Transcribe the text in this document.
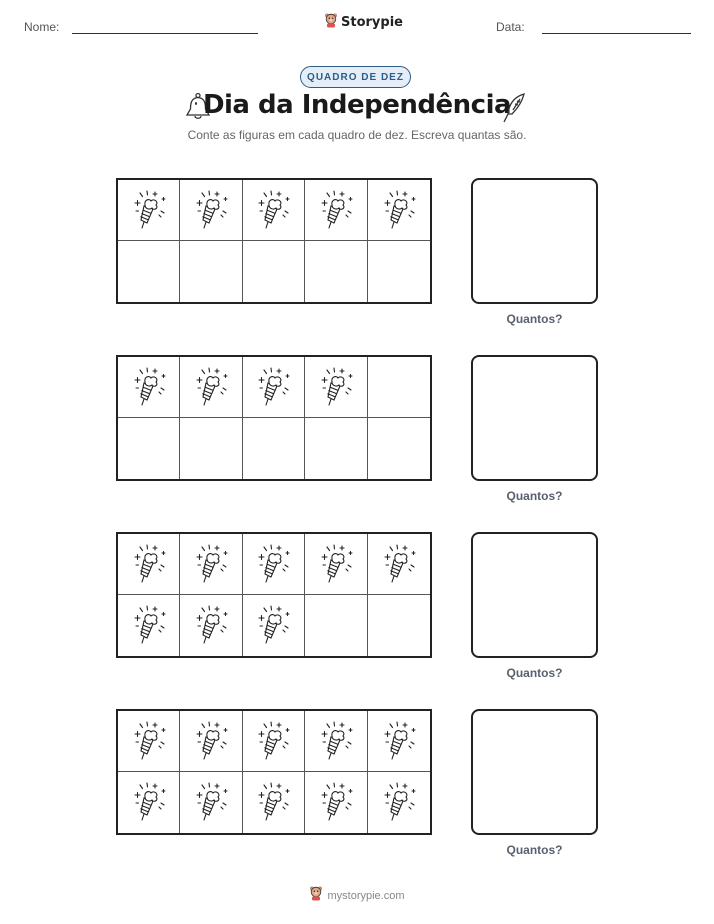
Nome:	Storypie	Data:
QUADRO DE DEZ
Dia da Independência
Conte as figuras em cada quadro de dez. Escreva quantas são.
Quantos?
Quantos?
Quantos?
Quantos?
mystorypie.com
